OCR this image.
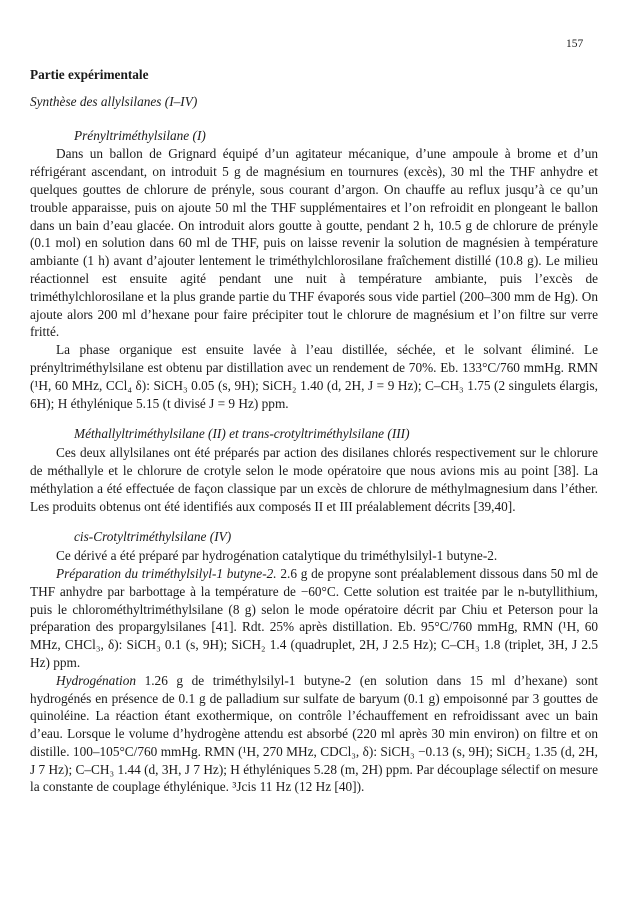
157
Partie expérimentale
Synthèse des allylsilanes (I–IV)
Prényltriméthylsilane (I)

Dans un ballon de Grignard équipé d’un agitateur mécanique, d’une ampoule à brome et d’un réfrigérant ascendant, on introduit 5 g de magnésium en tournures (excès), 30 ml the THF anhydre et quelques gouttes de chlorure de prényle, sous courant d’argon. On chauffe au reflux jusqu’à ce qu’un trouble apparaisse, puis on ajoute 50 ml the THF supplémentaires et l’on refroidit en plongeant le ballon dans un bain d’eau glacée. On introduit alors goutte à goutte, pendant 2 h, 10.5 g de chlorure de prényle (0.1 mol) en solution dans 60 ml de THF, puis on laisse revenir la solution de magnésien à température ambiante (1 h) avant d’ajouter lentement le triméthylchlorosilane fraîchement distillé (10.8 g). Le milieu réactionnel est ensuite agité pendant une nuit à température ambiante, puis l’excès de triméthylchlorosilane et la plus grande partie du THF évaporés sous vide partiel (200–300 mm de Hg). On ajoute alors 200 ml d’hexane pour faire précipiter tout le chlorure de magnésium et l’on filtre sur verre fritté.

La phase organique est ensuite lavée à l’eau distillée, séchée, et le solvant éliminé. Le prényltriméthylsilane est obtenu par distillation avec un rendement de 70%. Eb. 133°C/760 mmHg. RMN (¹H, 60 MHz, CCl₄ δ): SiCH₃ 0.05 (s, 9H); SiCH₂ 1.40 (d, 2H, J = 9 Hz); C–CH₃ 1.75 (2 singulets élargis, 6H); H éthylénique 5.15 (t divisé J = 9 Hz) ppm.

Méthallyltriméthylsilane (II) et trans-crotyltriméthylsilane (III)

Ces deux allylsilanes ont été préparés par action des disilanes chlorés respectivement sur le chlorure de méthallyle et le chlorure de crotyle selon le mode opératoire que nous avions mis au point [38]. La méthylation a été effectuée de façon classique par un excès de chlorure de méthylmagnesium dans l’éther. Les produits obtenus ont été identifiés aux composés II et III préalablement décrits [39,40].

cis-Crotyltriméthylsilane (IV)

Ce dérivé a été préparé par hydrogénation catalytique du triméthylsilyl-1 butyne-2.

Préparation du triméthylsilyl-1 butyne-2. 2.6 g de propyne sont préalablement dissous dans 50 ml de THF anhydre par barbottage à la température de −60°C. Cette solution est traitée par le n-butyllithium, puis le chlorométhyltriméthylsilane (8 g) selon le mode opératoire décrit par Chiu et Peterson pour la préparation des propargylsilanes [41]. Rdt. 25% après distillation. Eb. 95°C/760 mmHg, RMN (¹H, 60 MHz, CHCl₃, δ): SiCH₃ 0.1 (s, 9H); SiCH₂ 1.4 (quadruplet, 2H, J 2.5 Hz); C–CH₃ 1.8 (triplet, 3H, J 2.5 Hz) ppm.

Hydrogénation 1.26 g de triméthylsilyl-1 butyne-2 (en solution dans 15 ml d’hexane) sont hydrogénés en présence de 0.1 g de palladium sur sulfate de baryum (0.1 g) empoisonné par 3 gouttes de quinoléine. La réaction étant exothermique, on contrôle l’échauffement en refroidissant avec un bain d’eau. Lorsque le volume d’hydrogène attendu est absorbé (220 ml après 30 min environ) on filtre et on distille. 100–105°C/760 mmHg. RMN (¹H, 270 MHz, CDCl₃, δ): SiCH₃ −0.13 (s, 9H); SiCH₂ 1.35 (d, 2H, J 7 Hz); C–CH₃ 1.44 (d, 3H, J 7 Hz); H éthyléniques 5.28 (m, 2H) ppm. Par découplage sélectif on mesure la constante de couplage éthylénique. ³Jcis 11 Hz (12 Hz [40]).
